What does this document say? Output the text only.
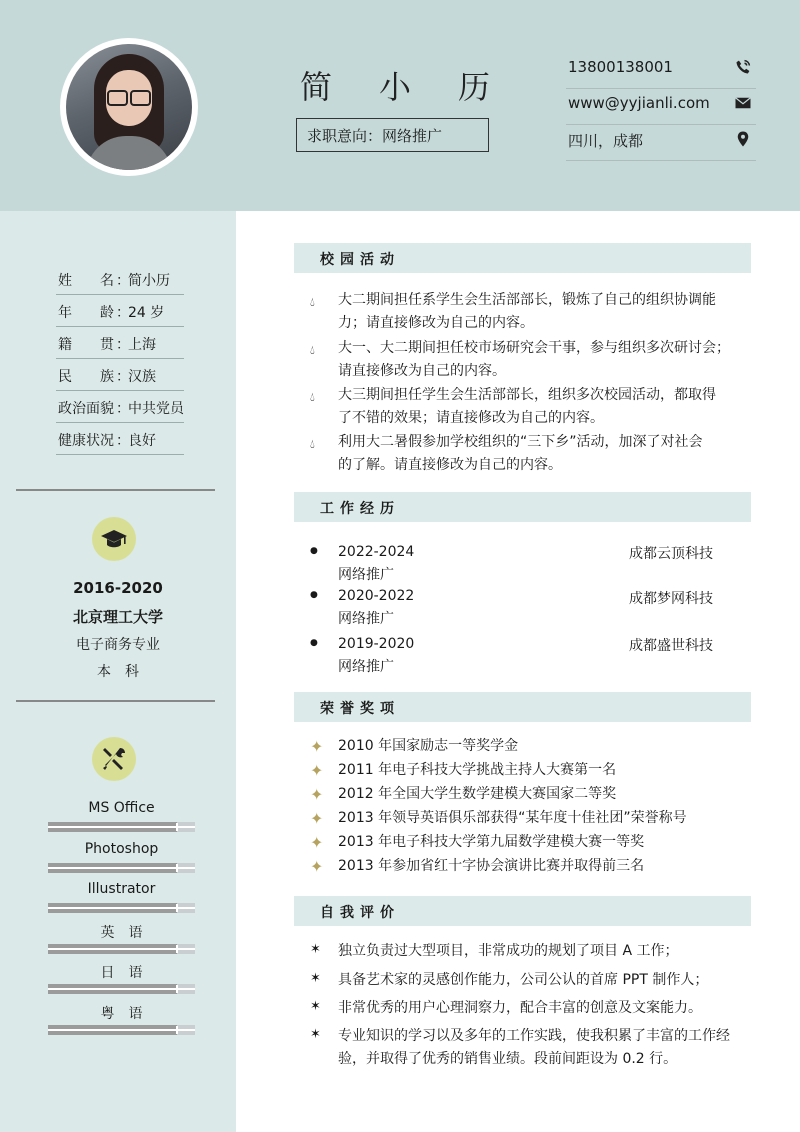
简 小 历
求职意向：网络推广
13800138001
www@yyjianli.com
四川，成都
姓 名 ：
简小历
年 龄 ：
24 岁
籍 贯 ：
上海
民 族 ：
汉族
政 治 面 貌 ：
中共党员
健 康 状 况 ：
良好
2016-2020
北京理工大学
电子商务专业
本　科
MS Office
Photoshop
Illustrator
英　语
日　语
粤　语
校园活动
💧︎ 大二期间担任系学生会生活部部长，锻炼了自己的组织协调能
力；请直接修改为自己的内容。
💧︎ 大一、大二期间担任校市场研究会干事，参与组织多次研讨会；
请直接修改为自己的内容。
💧︎ 大三期间担任学生会生活部部长，组织多次校园活动，都取得
了不错的效果；请直接修改为自己的内容。
💧︎ 利用大二暑假参加学校组织的“三下乡”活动，加深了对社会
的了解。请直接修改为自己的内容。
工作经历
● 2022-2024
网络推广
成都云顶科技
● 2020-2022
网络推广
成都梦网科技
● 2019-2020
网络推广
成都盛世科技
荣誉奖项
✦ 2010 年国家励志一等奖学金
✦ 2011 年电子科技大学挑战主持人大赛第一名
✦ 2012 年全国大学生数学建模大赛国家二等奖
✦ 2013 年领导英语俱乐部获得“某年度十佳社团”荣誉称号
✦ 2013 年电子科技大学第九届数学建模大赛一等奖
✦ 2013 年参加省红十字协会演讲比赛并取得前三名
自我评价
✶ 独立负责过大型项目，非常成功的规划了项目 A 工作；
✶ 具备艺术家的灵感创作能力，公司公认的首席 PPT 制作人；
✶ 非常优秀的用户心理洞察力，配合丰富的创意及文案能力。
✶ 专业知识的学习以及多年的工作实践，使我积累了丰富的工作经
验，并取得了优秀的销售业绩。段前间距设为 0.2 行。
